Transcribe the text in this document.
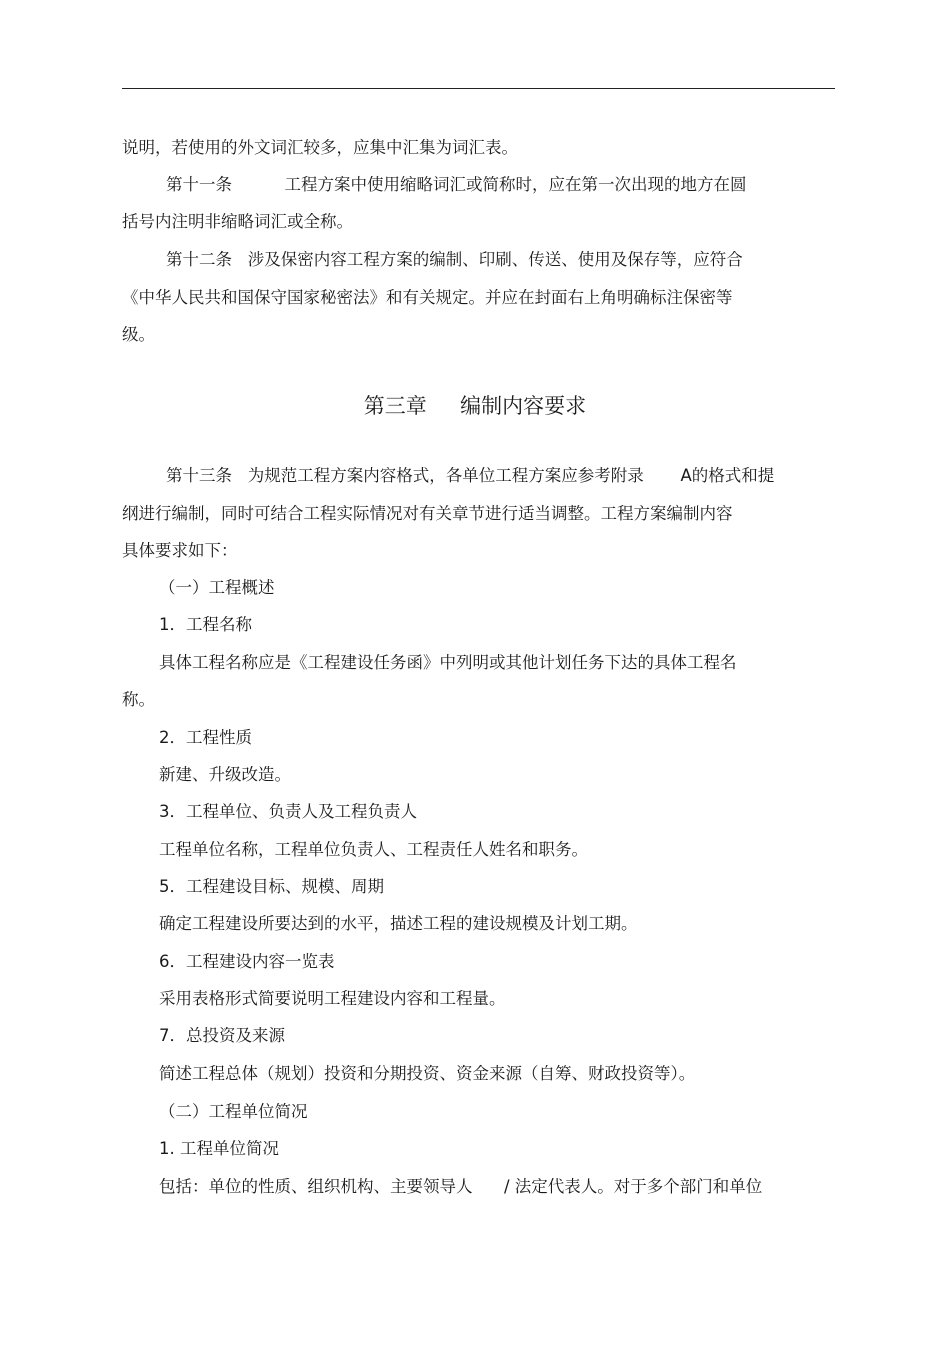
说明，若使用的外文词汇较多，应集中汇集为词汇表。
第十一条          工程方案中使用缩略词汇或简称时，应在第一次出现的地方在圆
括号内注明非缩略词汇或全称。
第十二条   涉及保密内容工程方案的编制、印刷、传送、使用及保存等，应符合
《中华人民共和国保守国家秘密法》和有关规定。并应在封面右上角明确标注保密等
级。
第三章     编制内容要求
第十三条   为规范工程方案内容格式，各单位工程方案应参考附录       A的格式和提
纲进行编制，同时可结合工程实际情况对有关章节进行适当调整。工程方案编制内容
具体要求如下：
（一）工程概述
1．工程名称
具体工程名称应是《工程建设任务函》中列明或其他计划任务下达的具体工程名
称。
2．工程性质
新建、升级改造。
3．工程单位、负责人及工程负责人
工程单位名称，工程单位负责人、工程责任人姓名和职务。
5．工程建设目标、规模、周期
确定工程建设所要达到的水平，描述工程的建设规模及计划工期。
6．工程建设内容一览表
采用表格形式简要说明工程建设内容和工程量。
7．总投资及来源
简述工程总体（规划）投资和分期投资、资金来源（自筹、财政投资等）。
（二）工程单位简况
1. 工程单位简况
包括：单位的性质、组织机构、主要领导人      / 法定代表人。对于多个部门和单位
